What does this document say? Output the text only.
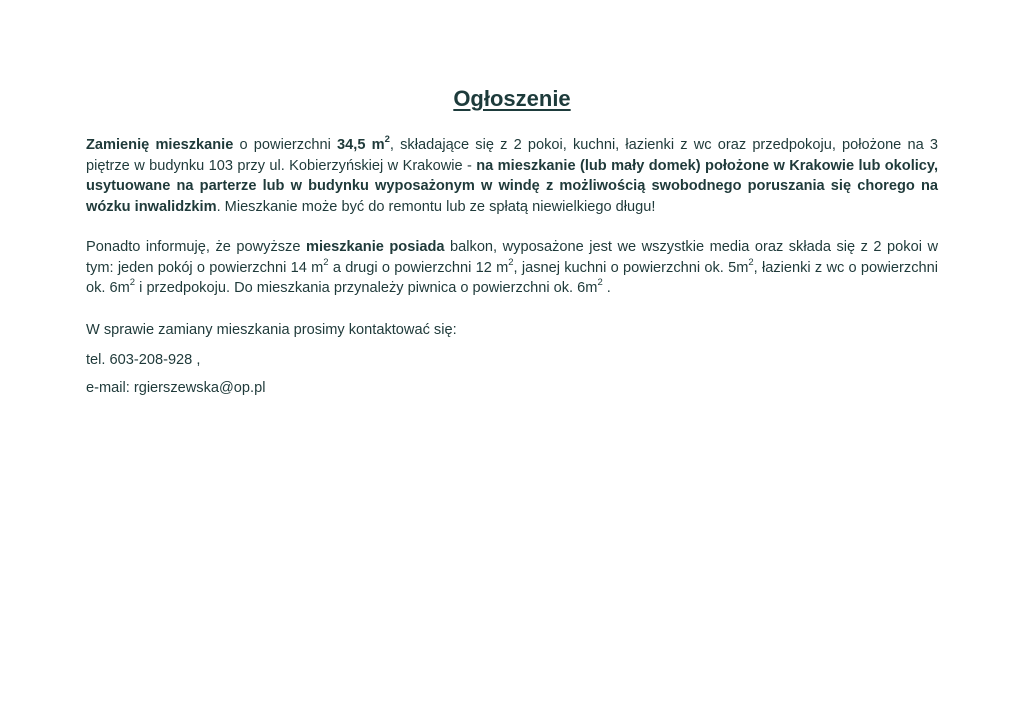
Ogłoszenie
Zamienię mieszkanie o powierzchni 34,5 $m^2$, składające się z 2 pokoi, kuchni, łazienki z wc oraz przedpokoju, położone na 3 piętrze w budynku 103 przy ul. Kobierzyńskiej w Krakowie - na mieszkanie (lub mały domek) położone w Krakowie lub okolicy, usytuowane na parterze lub w budynku wyposażonym w windę z możliwością swobodnego poruszania się chorego na wózku inwalidzkim. Mieszkanie może być do remontu lub ze spłatą niewielkiego długu!
Ponadto informuję, że powyższe mieszkanie posiada balkon, wyposażone jest we wszystkie media oraz składa się z 2 pokoi w tym: jeden pokój o powierzchni 14 $m^2$ a drugi o powierzchni 12 $m^2$, jasnej kuchni o powierzchni ok. $5m^2$, łazienki z wc o powierzchni ok. $6m^2$ i przedpokoju. Do mieszkania przynależy piwnica o powierzchni ok. $6m^2$ .
W sprawie zamiany mieszkania prosimy kontaktować się:
tel. 603-208-928 ,
e-mail: rgierszewska@op.pl
